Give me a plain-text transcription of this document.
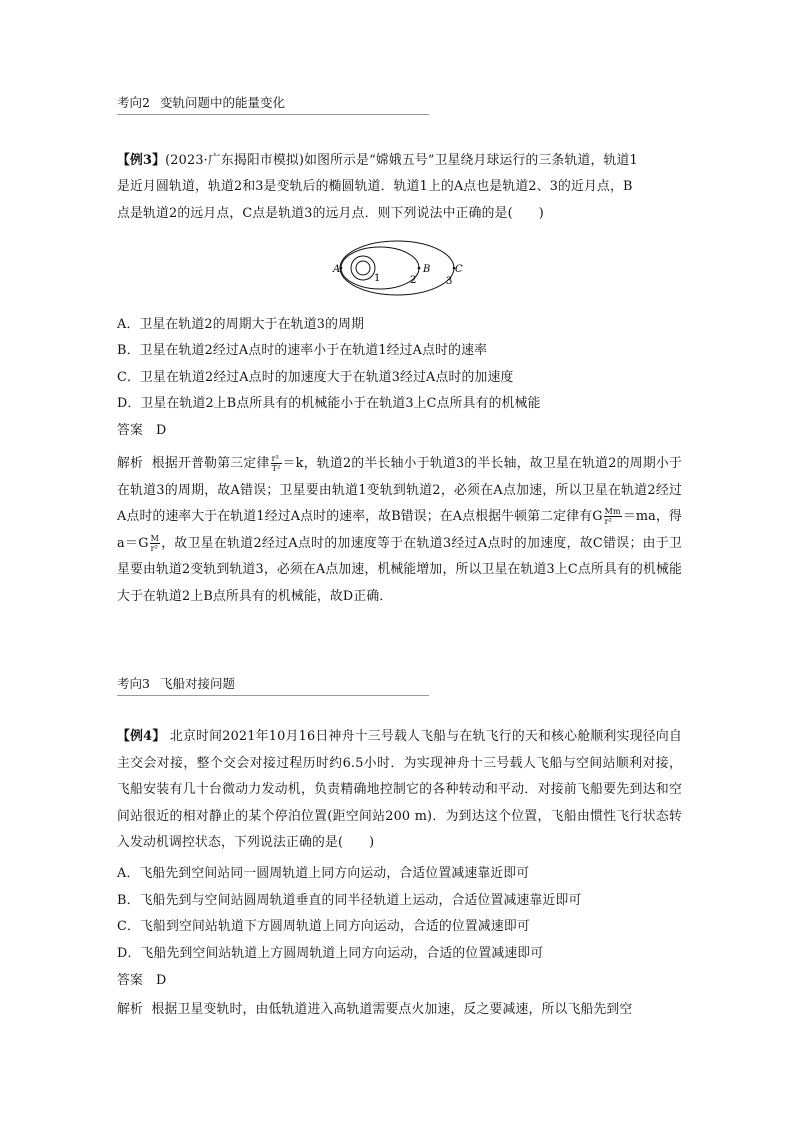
考向2 变轨问题中的能量变化
【例3】(2023·广东揭阳市模拟)如图所示是“嫦娥五号”卫星绕月球运行的三条轨道，轨道1
是近月圆轨道，轨道2和3是变轨后的椭圆轨道．轨道1上的A点也是轨道2、3的近月点，B
点是轨道2的远月点，C点是轨道3的远月点．则下列说法中正确的是(　　)
A	B C
1	2	3
A．卫星在轨道2的周期大于在轨道3的周期
B．卫星在轨道2经过A点时的速率小于在轨道1经过A点时的速率
C．卫星在轨道2经过A点时的加速度大于在轨道3经过A点时的加速度
D．卫星在轨道2上B点所具有的机械能小于在轨道3上C点所具有的机械能
答案　D
解析 根据开普勒第三定律 $\frac{\text{r³}}{\text{T²}} =k$，轨道2的半长轴小于轨道3的半长轴，故卫星在轨道2的周期小于在轨道3的周期，故A错误；卫星要由轨道1变轨到轨道2，必须在A点加速，所以卫星在轨道2经过A点时的速率大于在轨道1经过A点时的速率，故B错误；在A点根据牛顿第二定律有G $\frac{Mm}{\text{r²}} =ma$，得$a=G \frac{M}{\text{r²}}$ ，故卫星在轨道2经过A点时的加速度等于在轨道3经过A点时的加速度，故C错误；由于卫星要由轨道2变轨到轨道3，必须在A点加速，机械能增加，所以卫星在轨道3上C点所具有的机械能大于在轨道2上B点所具有的机械能，故D正确．
考向3 飞船对接问题
【例4】 北京时间2021年10月16日神舟十三号载人飞船与在轨飞行的天和核心舱顺利实现径向自主交会对接，整个交会对接过程历时约6.5小时．为实现神舟十三号载人飞船与空间站顺利对接，飞船安装有几十台微动力发动机，负责精确地控制它的各种转动和平动．对接前飞船要先到达和空间站很近的相对静止的某个停泊位置(距空间站200 m)．为到达这个位置，飞船由惯性飞行状态转入发动机调控状态，下列说法正确的是(　　)
A．飞船先到空间站同一圆周轨道上同方向运动，合适位置减速靠近即可
B．飞船先到与空间站圆周轨道垂直的同半径轨道上运动，合适位置减速靠近即可
C．飞船到空间站轨道下方圆周轨道上同方向运动，合适的位置减速即可
D．飞船先到空间站轨道上方圆周轨道上同方向运动，合适的位置减速即可
答案　D
解析 根据卫星变轨时，由低轨道进入高轨道需要点火加速，反之要减速，所以飞船先到空
